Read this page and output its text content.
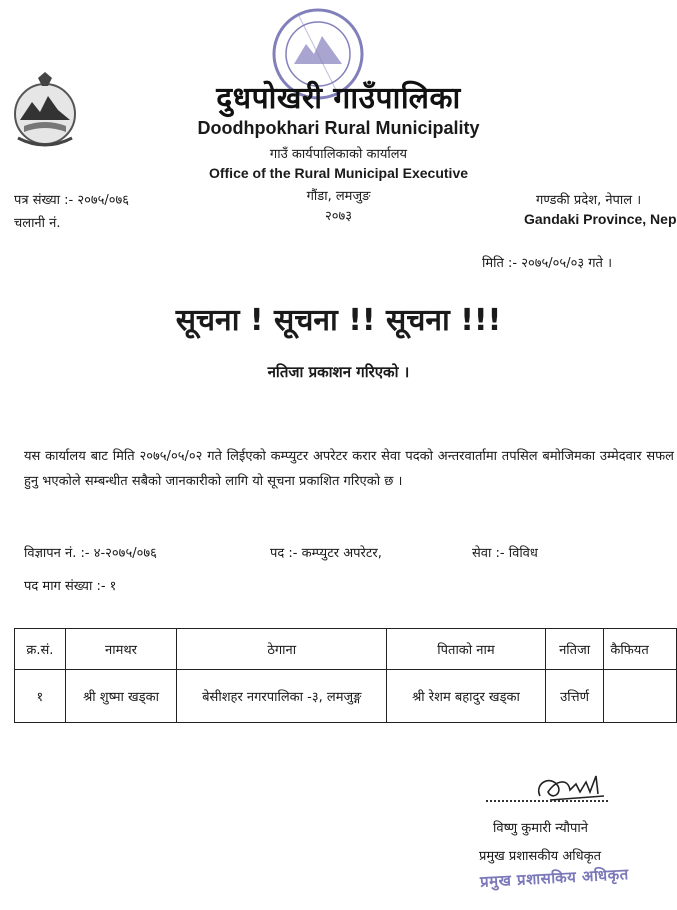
दुधपोखरी गाउँपालिका
Doodhpokhari Rural Municipality
गाउँ कार्यपालिकाको कार्यालय
Office of the Rural Municipal Executive
गौंडा, लमजुङ
२०७३
पत्र संख्या :- २०७५/०७६
चलानी नं.
गण्डकी प्रदेश, नेपाल ।
Gandaki Province, Nep
मिति :- २०७५/०५/०३ गते ।
सूचना ! सूचना !! सूचना !!!
नतिजा प्रकाशन गरिएको ।
यस कार्यालय बाट मिति २०७५/०५/०२ गते लिईएको कम्प्युटर अपरेटर करार सेवा पदको अन्तरवार्तामा तपसिल बमोजिमका उम्मेदवार सफल हुनु भएकोले सम्बन्धीत सबैको जानकारीको लागि यो सूचना प्रकाशित गरिएको छ ।
विज्ञापन नं. :- ४-२०७५/०७६	पद :- कम्प्युटर अपरेटर,	सेवा :- विविध
पद माग संख्या :- १
क्र.सं.	नामथर	ठेगाना	पिताको नाम	नतिजा	कैफियत
१	श्री शुष्मा खड्का	बेसीशहर नगरपालिका -३, लमजुङ्ग	श्री रेशम बहादुर खड्का	उत्तिर्ण	
विष्णु कुमारी न्यौपाने
प्रमुख प्रशासकीय अधिकृत
प्रमुख प्रशासकिय अधिकृत
